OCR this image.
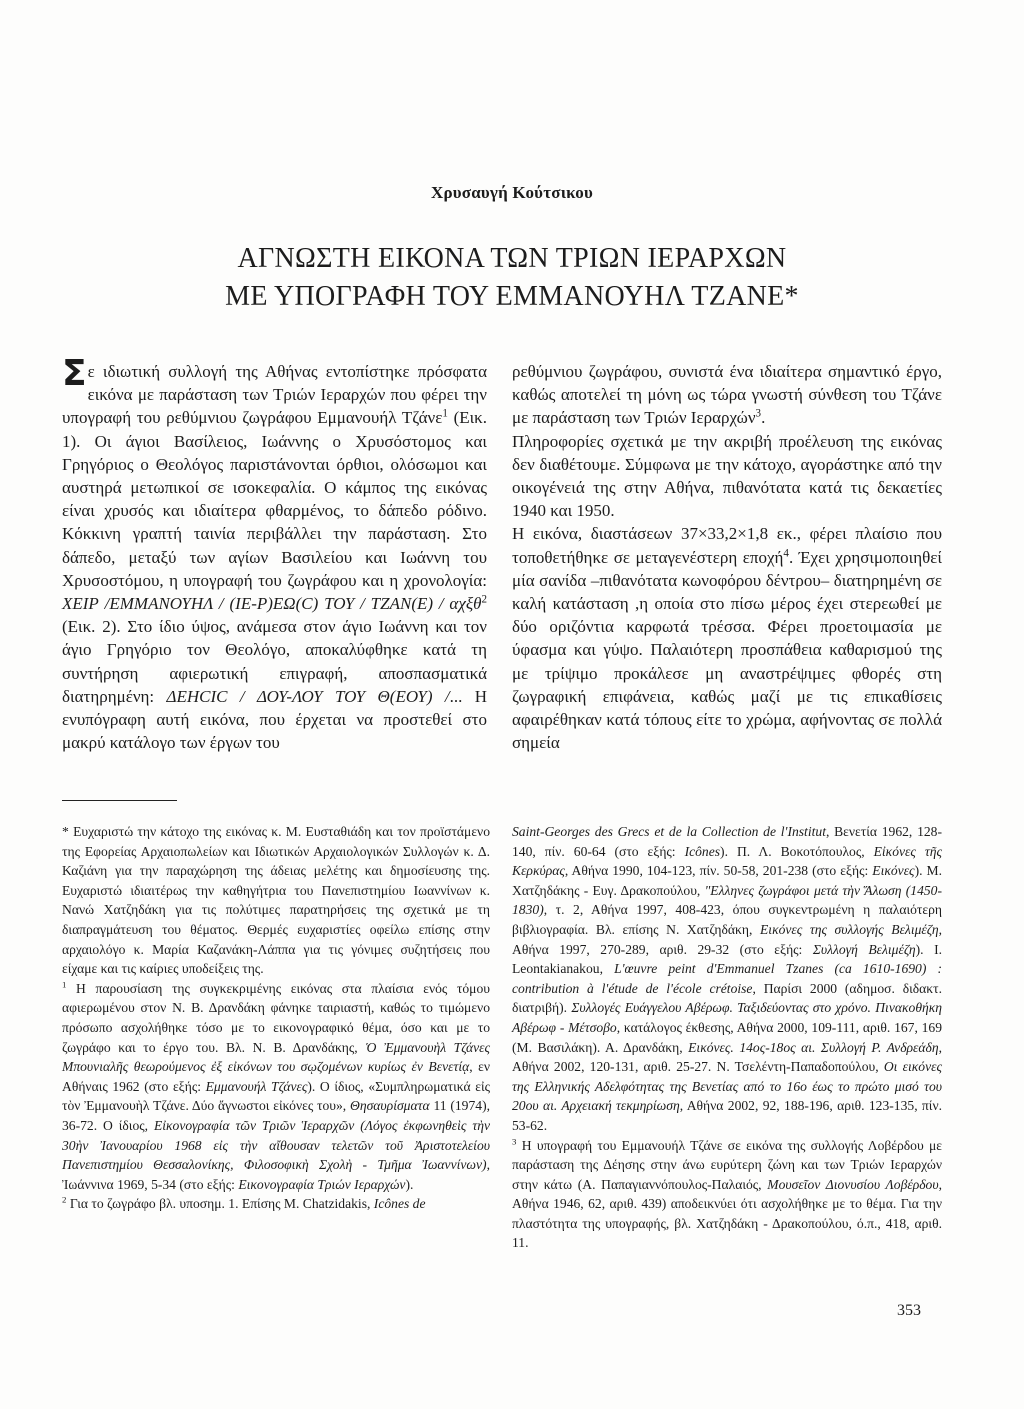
Χρυσαυγή Κούτσικου
ΑΓΝΩΣΤΗ ΕΙΚΟΝΑ ΤΩΝ ΤΡΙΩΝ ΙΕΡΑΡΧΩΝ
ΜΕ ΥΠΟΓΡΑΦΗ ΤΟΥ ΕΜΜΑΝΟΥΗΛ ΤΖΑΝΕ*

Σε ιδιωτική συλλογή της Αθήνας εντοπίστηκε πρόσφατα εικόνα με παράσταση των Τριών Ιεραρχών που φέρει την υπογραφή του ρεθύμνιου ζωγράφου Εμμανουήλ Τζάνε$^1$ (Εικ. 1). Οι άγιοι Βασίλειος, Ιωάννης ο Χρυσόστομος και Γρηγόριος ο Θεολόγος παριστάνονται όρθιοι, ολόσωμοι και αυστηρά μετωπικοί σε ισοκεφαλία. Ο κάμπος της εικόνας είναι χρυσός και ιδιαίτερα φθαρμένος, το δάπεδο ρόδινο. Κόκκινη γραπτή ταινία περιβάλλει την παράσταση. Στο δάπεδο, μεταξύ των αγίων Βασιλείου και Ιωάννη του Χρυσοστόμου, η υπογραφή του ζωγράφου και η χρονολογία: ΧΕΙΡ /ΕΜΜΑΝΟΥΗΛ / (ΙΕ-Ρ)ΕΩ(C) ΤΟΥ / ΤΖΑΝ(Ε) / αχξθ$^2$ (Εικ. 2). Στο ίδιο ύψος, ανάμεσα στον άγιο Ιωάννη και τον άγιο Γρηγόριο τον Θεολόγο, αποκαλύφθηκε κατά τη συντήρηση αφιερωτική επιγραφή, αποσπασματικά διατηρημένη: ΔΕΗCIC / ΔΟΥ-ΛΟΥ ΤΟΥ Θ(ΕΟΥ) /... Η ενυπόγραφη αυτή εικόνα, που έρχεται να προστεθεί στο μακρύ κατάλογο των έργων του

ρεθύμνιου ζωγράφου, συνιστά ένα ιδιαίτερα σημαντικό έργο, καθώς αποτελεί τη μόνη ως τώρα γνωστή σύνθεση του Τζάνε με παράσταση των Τριών Ιεραρχών$^3$.

Πληροφορίες σχετικά με την ακριβή προέλευση της εικόνας δεν διαθέτουμε. Σύμφωνα με την κάτοχο, αγοράστηκε από την οικογένειά της στην Αθήνα, πιθανότατα κατά τις δεκαετίες 1940 και 1950.

Η εικόνα, διαστάσεων 37×33,2×1,8 εκ., φέρει πλαίσιο που τοποθετήθηκε σε μεταγενέστερη εποχή$^4$. Έχει χρησιμοποιηθεί μία σανίδα –πιθανότατα κωνοφόρου δέντρου– διατηρημένη σε καλή κατάσταση ,η οποία στο πίσω μέρος έχει στερεωθεί με δύο οριζόντια καρφωτά τρέσσα. Φέρει προετοιμασία με ύφασμα και γύψο. Παλαιότερη προσπάθεια καθαρισμού της με τρίψιμο προκάλεσε μη αναστρέψιμες φθορές στη ζωγραφική επιφάνεια, καθώς μαζί με τις επικαθίσεις αφαιρέθηκαν κατά τόπους είτε το χρώμα, αφήνοντας σε πολλά σημεία

* Ευχαριστώ την κάτοχο της εικόνας κ. Μ. Ευσταθιάδη και τον προϊστάμενο της Εφορείας Αρχαιοπωλείων και Ιδιωτικών Αρχαιολογικών Συλλογών κ. Δ. Καζιάνη για την παραχώρηση της άδειας μελέτης και δημοσίευσης της. Ευχαριστώ ιδιαιτέρως την καθηγήτρια του Πανεπιστημίου Ιωαννίνων κ. Νανώ Χατζηδάκη για τις πολύτιμες παρατηρήσεις της σχετικά με τη διαπραγμάτευση του θέματος. Θερμές ευχαριστίες οφείλω επίσης στην αρχαιολόγο κ. Μαρία Καζανάκη-Λάππα για τις γόνιμες συζητήσεις που είχαμε και τις καίριες υποδείξεις της.

$^1$ Η παρουσίαση της συγκεκριμένης εικόνας στα πλαίσια ενός τόμου αφιερωμένου στον Ν. Β. Δρανδάκη φάνηκε ταιριαστή, καθώς το τιμώμενο πρόσωπο ασχολήθηκε τόσο με το εικονογραφικό θέμα, όσο και με το ζωγράφο και το έργο του. Βλ. Ν. Β. Δρανδάκης, Ὁ Ἐμμανουὴλ Τζάνες Μπουνιαλῆς θεωρούμενος ἐξ εἰκόνων του σῳζομένων κυρίως ἐν Βενετίᾳ, εν Αθήναις 1962 (στο εξής: Εμμανουήλ Τζάνες). Ο ίδιος, «Συμπληρωματικά εἰς τὸν Ἐμμανουὴλ Τζάνε. Δύο ἄγνωστοι εἰκόνες του», Θησαυρίσματα 11 (1974), 36-72. Ο ίδιος, Εἰκονογραφία τῶν Τριῶν Ἱεραρχῶν (Λόγος ἐκφωνηθεὶς τὴν 30ὴν Ἰανουαρίου 1968 εἰς τὴν αἴθουσαν τελετῶν τοῦ Ἀριστοτελείου Πανεπιστημίου Θεσσαλονίκης, Φιλοσοφικὴ Σχολὴ - Τμῆμα Ἰωαννίνων), Ἰωάννινα 1969, 5-34 (στο εξής: Εικονογραφία Τριών Ιεραρχών).

$^2$ Για το ζωγράφο βλ. υποσημ. 1. Επίσης M. Chatzidakis, Icônes de

Saint-Georges des Grecs et de la Collection de l'Institut, Βενετία 1962, 128-140, πίν. 60-64 (στο εξής: Icônes). Π. Λ. Βοκοτόπουλος, Εἰκόνες τῆς Κερκύρας, Αθήνα 1990, 104-123, πίν. 50-58, 201-238 (στο εξής: Εικόνες). Μ. Χατζηδάκης - Ευγ. Δρακοπούλου, "Ελληνες ζωγράφοι μετά τὴν Ἅλωση (1450-1830), τ. 2, Αθήνα 1997, 408-423, όπου συγκεντρωμένη η παλαιότερη βιβλιογραφία. Βλ. επίσης Ν. Χατζηδάκη, Εικόνες της συλλογής Βελιμέζη, Αθήνα 1997, 270-289, αριθ. 29-32 (στο εξής: Συλλογή Βελιμέζη). I. Leontakianakou, L'œuvre peint d'Emmanuel Tzanes (ca 1610-1690) : contribution à l'étude de l'école crétoise, Παρίσι 2000 (αδημοσ. διδακτ. διατριβή). Συλλογές Ευάγγελου Αβέρωφ. Ταξιδεύοντας στο χρόνο. Πινακοθήκη Αβέρωφ - Μέτσοβο, κατάλογος έκθεσης, Αθήνα 2000, 109-111, αριθ. 167, 169 (Μ. Βασιλάκη). Α. Δρανδάκη, Εικόνες. 14ος-18ος αι. Συλλογή Ρ. Ανδρεάδη, Αθήνα 2002, 120-131, αριθ. 25-27. Ν. Τσελέντη-Παπαδοπούλου, Οι εικόνες της Ελληνικής Αδελφότητας της Βενετίας από το 16ο έως το πρώτο μισό του 20ου αι. Αρχειακή τεκμηρίωση, Αθήνα 2002, 92, 188-196, αριθ. 123-135, πίν. 53-62.

$^3$ Η υπογραφή του Εμμανουήλ Τζάνε σε εικόνα της συλλογής Λοβέρδου με παράσταση της Δέησης στην άνω ευρύτερη ζώνη και των Τριών Ιεραρχών στην κάτω (Α. Παπαγιαννόπουλος-Παλαιός, Μουσεῖον Διονυσίου Λοβέρδου, Αθήνα 1946, 62, αριθ. 439) αποδεικνύει ότι ασχολήθηκε με το θέμα. Για την πλαστότητα της υπογραφής, βλ. Χατζηδάκη - Δρακοπούλου, ό.π., 418, αριθ. 11.

353
